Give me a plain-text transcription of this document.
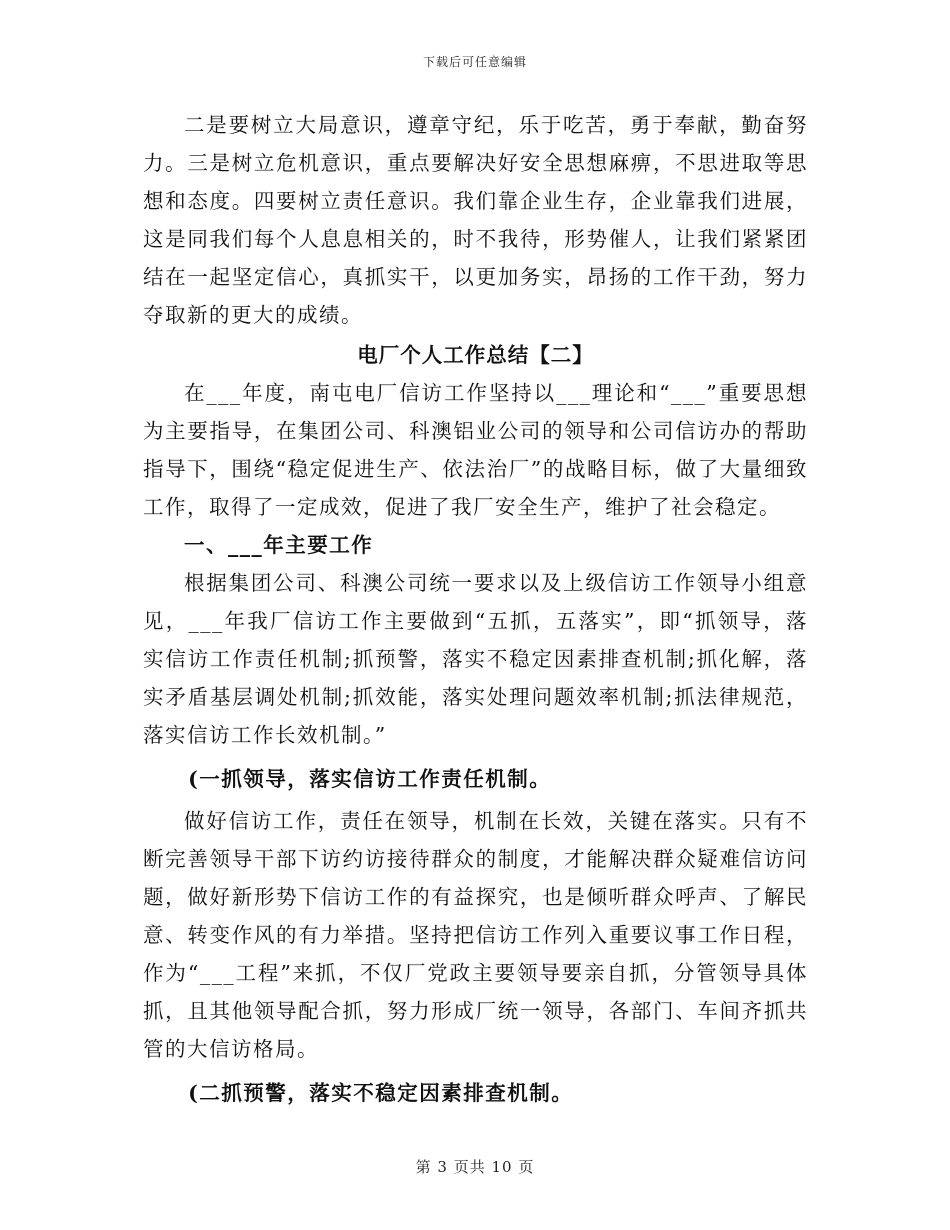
下载后可任意编辑

二是要树立大局意识，遵章守纪，乐于吃苦，勇于奉献，勤奋努力。三是树立危机意识，重点要解决好安全思想麻痹，不思进取等思想和态度。四要树立责任意识。我们靠企业生存，企业靠我们进展，这是同我们每个人息息相关的，时不我待，形势催人，让我们紧紧团结在一起坚定信心，真抓实干，以更加务实，昂扬的工作干劲，努力夺取新的更大的成绩。

电厂个人工作总结【二】

在___年度，南屯电厂信访工作坚持以___理论和“___”重要思想为主要指导，在集团公司、科澳铝业公司的领导和公司信访办的帮助指导下，围绕“稳定促进生产、依法治厂”的战略目标，做了大量细致工作，取得了一定成效，促进了我厂安全生产，维护了社会稳定。

一、___年主要工作

根据集团公司、科澳公司统一要求以及上级信访工作领导小组意见，___年我厂信访工作主要做到“五抓，五落实”，即“抓领导，落实信访工作责任机制;抓预警，落实不稳定因素排查机制;抓化解，落实矛盾基层调处机制;抓效能，落实处理问题效率机制;抓法律规范，落实信访工作长效机制。”

(一抓领导，落实信访工作责任机制。

做好信访工作，责任在领导，机制在长效，关键在落实。只有不断完善领导干部下访约访接待群众的制度，才能解决群众疑难信访问题，做好新形势下信访工作的有益探究，也是倾听群众呼声、了解民意、转变作风的有力举措。坚持把信访工作列入重要议事工作日程，作为“___工程”来抓，不仅厂党政主要领导要亲自抓，分管领导具体抓，且其他领导配合抓，努力形成厂统一领导，各部门、车间齐抓共管的大信访格局。

(二抓预警，落实不稳定因素排查机制。

第 3 页共 10 页
